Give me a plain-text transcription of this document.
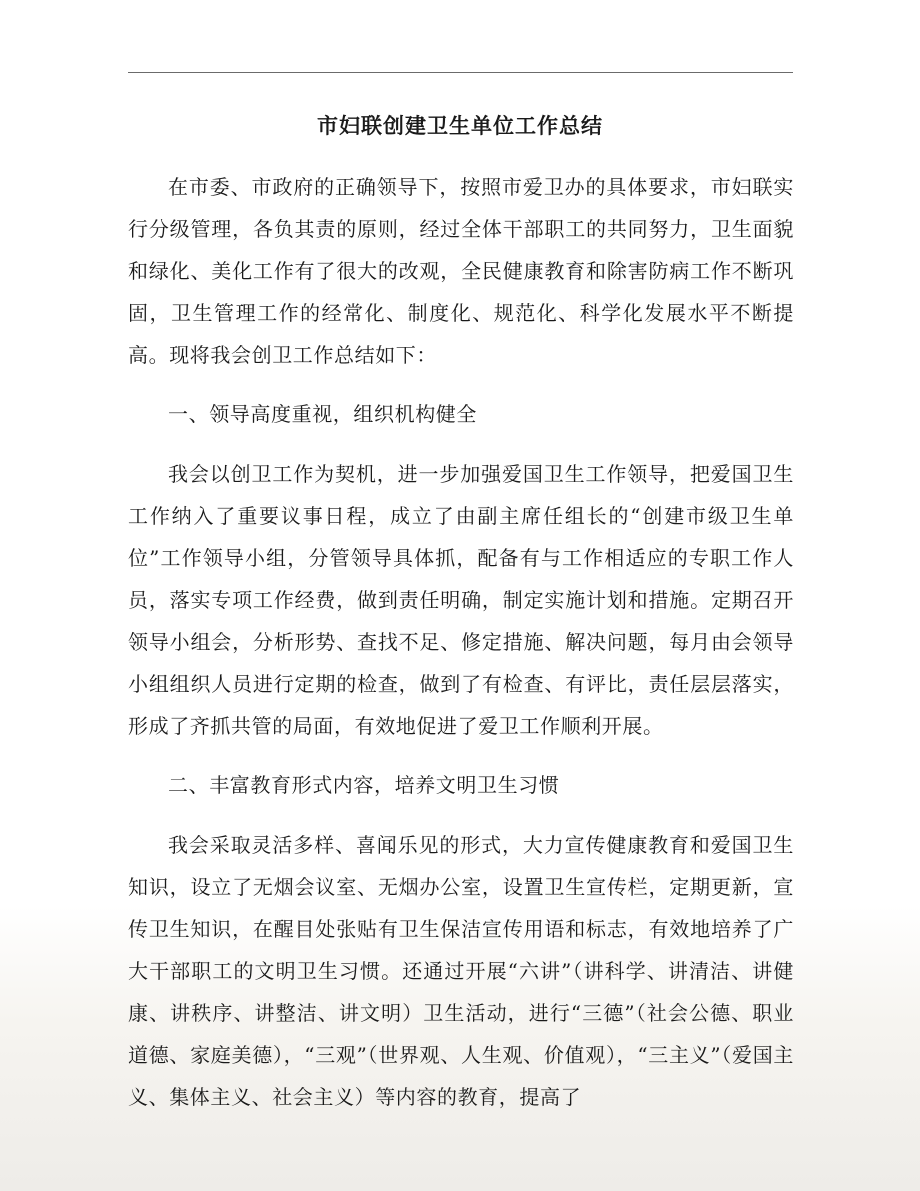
市妇联创建卫生单位工作总结

在市委、市政府的正确领导下，按照市爱卫办的具体要求，市妇联实行分级管理，各负其责的原则，经过全体干部职工的共同努力，卫生面貌和绿化、美化工作有了很大的改观，全民健康教育和除害防病工作不断巩固，卫生管理工作的经常化、制度化、规范化、科学化发展水平不断提高。现将我会创卫工作总结如下：

一、领导高度重视，组织机构健全

我会以创卫工作为契机，进一步加强爱国卫生工作领导，把爱国卫生工作纳入了重要议事日程，成立了由副主席任组长的“创建市级卫生单位”工作领导小组，分管领导具体抓，配备有与工作相适应的专职工作人员，落实专项工作经费，做到责任明确，制定实施计划和措施。定期召开领导小组会，分析形势、查找不足、修定措施、解决问题，每月由会领导小组组织人员进行定期的检查，做到了有检查、有评比，责任层层落实，形成了齐抓共管的局面，有效地促进了爱卫工作顺利开展。

二、丰富教育形式内容，培养文明卫生习惯

我会采取灵活多样、喜闻乐见的形式，大力宣传健康教育和爱国卫生知识，设立了无烟会议室、无烟办公室，设置卫生宣传栏，定期更新，宣传卫生知识，在醒目处张贴有卫生保洁宣传用语和标志，有效地培养了广大干部职工的文明卫生习惯。还通过开展“六讲”（讲科学、讲清洁、讲健康、讲秩序、讲整洁、讲文明）卫生活动，进行“三德”（社会公德、职业道德、家庭美德），“三观”（世界观、人生观、价值观），“三主义”（爱国主义、集体主义、社会主义）等内容的教育，提高了
